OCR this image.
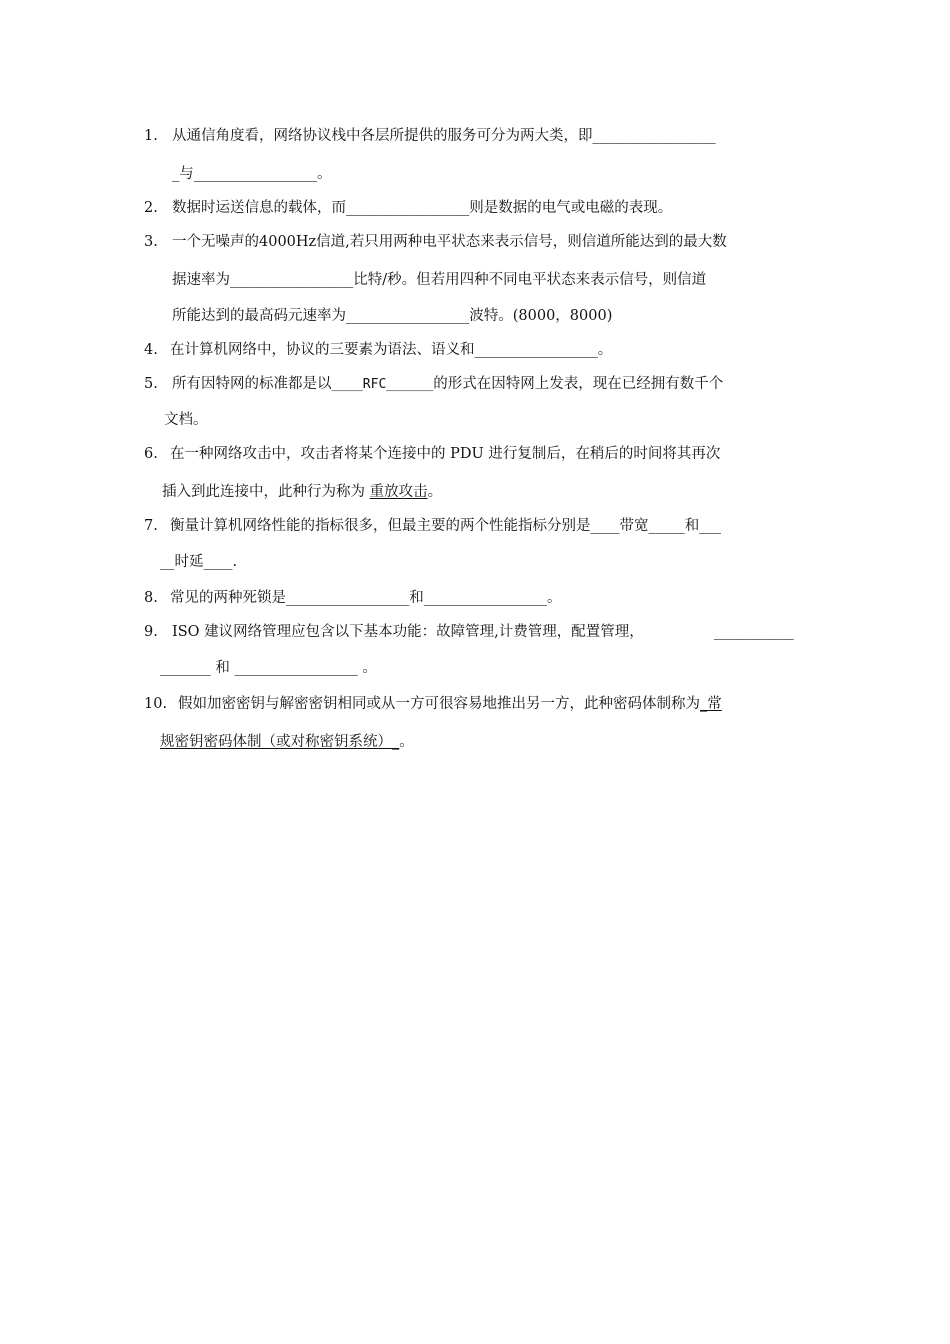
1. 从通信角度看，网络协议栈中各层所提供的服务可分为两大类，即_________________
_与_________________。
2. 数据时运送信息的载体，而_________________则是数据的电气或电磁的表现。
3. 一个无噪声的4000Hz信道,若只用两种电平状态来表示信号，则信道所能达到的最大数
据速率为_________________比特/秒。但若用四种不同电平状态来表示信号，则信道
所能达到的最高码元速率为_________________波特。(8000，8000)
4. 在计算机网络中，协议的三要素为语法、语义和_________________。
5. 所有因特网的标准都是以____RFC______的形式在因特网上发表，现在已经拥有数千个
文档。
6. 在一种网络攻击中，攻击者将某个连接中的 PDU 进行复制后，在稍后的时间将其再次
插入到此连接中，此种行为称为 重放攻击。
7. 衡量计算机网络性能的指标很多，但最主要的两个性能指标分别是____带宽_____和___
__时延____.
8. 常见的两种死锁是_________________和_________________。
9. ISO 建议网络管理应包含以下基本功能：故障管理,计费管理，配置管理，	___________
_______ 和 _________________ 。
10. 假如加密密钥与解密密钥相同或从一方可很容易地推出另一方，此种密码体制称为_常
规密钥密码体制（或对称密钥系统）_。
